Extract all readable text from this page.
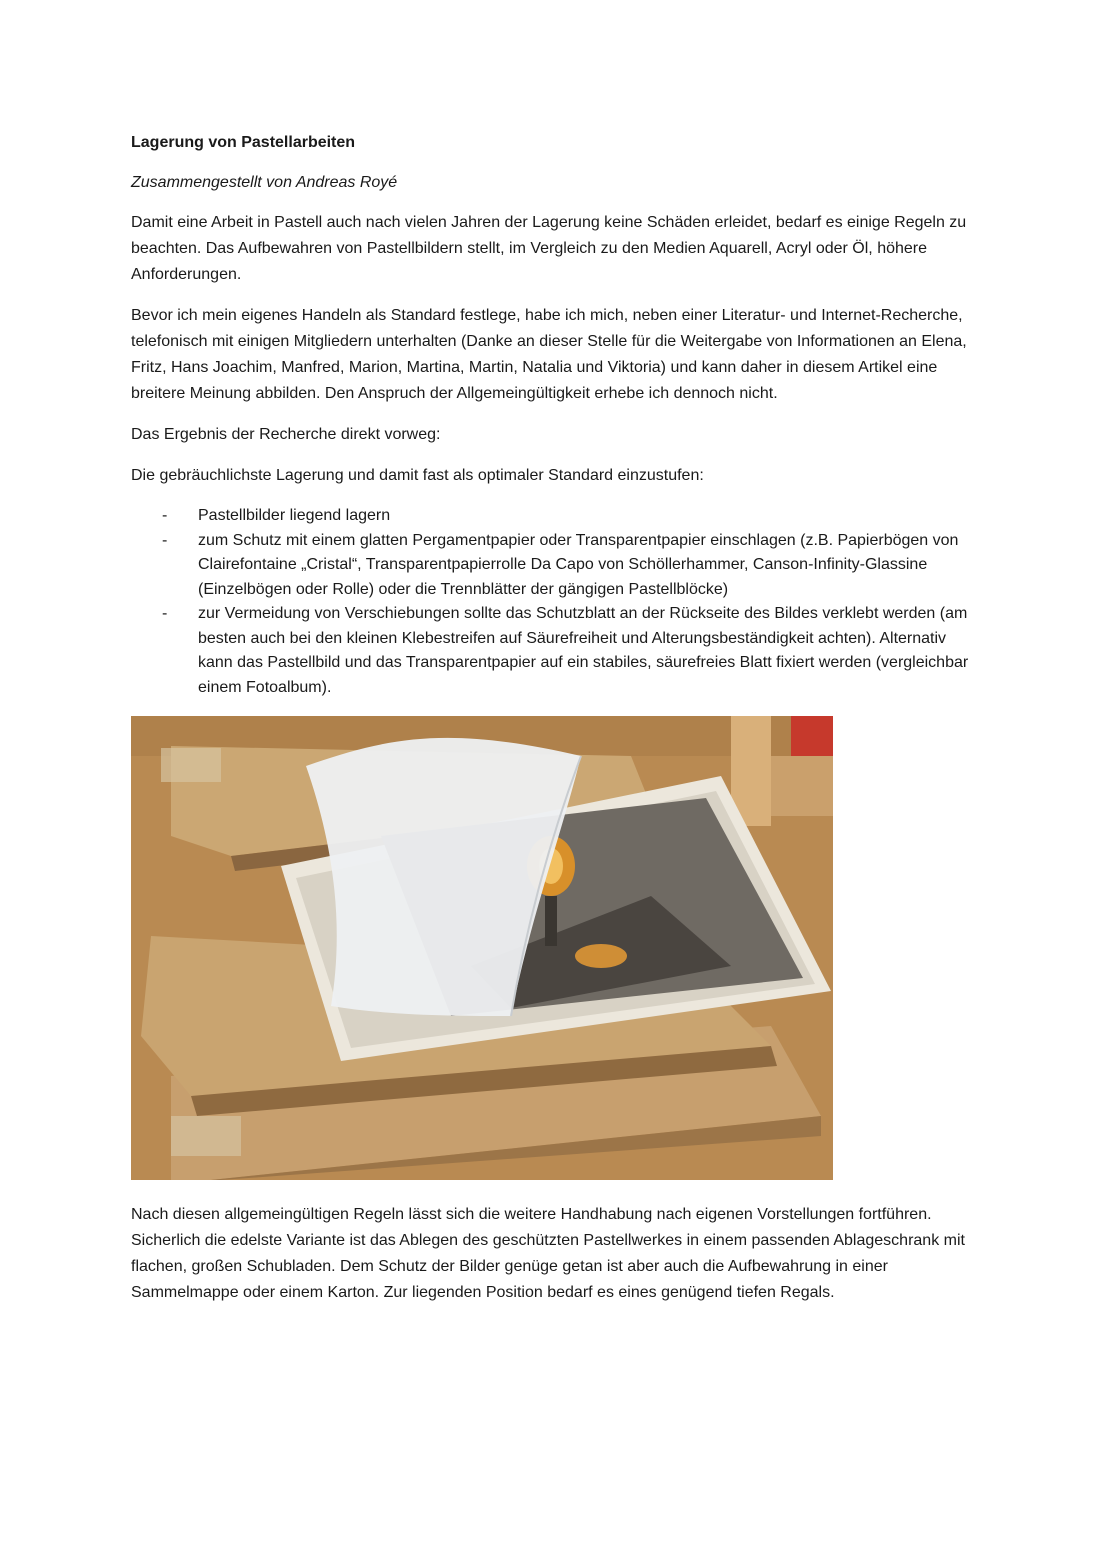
Lagerung von Pastellarbeiten
Zusammengestellt von Andreas Royé

Damit eine Arbeit in Pastell auch nach vielen Jahren der Lagerung keine Schäden erleidet, bedarf es einige Regeln zu beachten. Das Aufbewahren von Pastellbildern stellt, im Vergleich zu den Medien Aquarell, Acryl oder Öl, höhere Anforderungen.

Bevor ich mein eigenes Handeln als Standard festlege, habe ich mich, neben einer Literatur- und Internet-Recherche, telefonisch mit einigen Mitgliedern unterhalten (Danke an dieser Stelle für die Weitergabe von Informationen an Elena, Fritz, Hans Joachim, Manfred, Marion, Martina, Martin, Natalia und Viktoria) und kann daher in diesem Artikel eine breitere Meinung abbilden. Den Anspruch der Allgemeingültigkeit erhebe ich dennoch nicht.

Das Ergebnis der Recherche direkt vorweg:

Die gebräuchlichste Lagerung und damit fast als optimaler Standard einzustufen:

- Pastellbilder liegend lagern
- zum Schutz mit einem glatten Pergamentpapier oder Transparentpapier einschlagen (z.B. Papierbögen von Clairefontaine „Cristal“, Transparentpapierrolle Da Capo von Schöllerhammer, Canson-Infinity-Glassine (Einzelbögen oder Rolle) oder die Trennblätter der gängigen Pastellblöcke)
- zur Vermeidung von Verschiebungen sollte das Schutzblatt an der Rückseite des Bildes verklebt werden (am besten auch bei den kleinen Klebestreifen auf Säurefreiheit und Alterungsbeständigkeit achten). Alternativ kann das Pastellbild und das Transparentpapier auf ein stabiles, säurefreies Blatt fixiert werden (vergleichbar einem Fotoalbum).

Nach diesen allgemeingültigen Regeln lässt sich die weitere Handhabung nach eigenen Vorstellungen fortführen. Sicherlich die edelste Variante ist das Ablegen des geschützten Pastellwerkes in einem passenden Ablageschrank mit flachen, großen Schubladen. Dem Schutz der Bilder genüge getan ist aber auch die Aufbewahrung in einer Sammelmappe oder einem Karton. Zur liegenden Position bedarf es eines genügend tiefen Regals.
